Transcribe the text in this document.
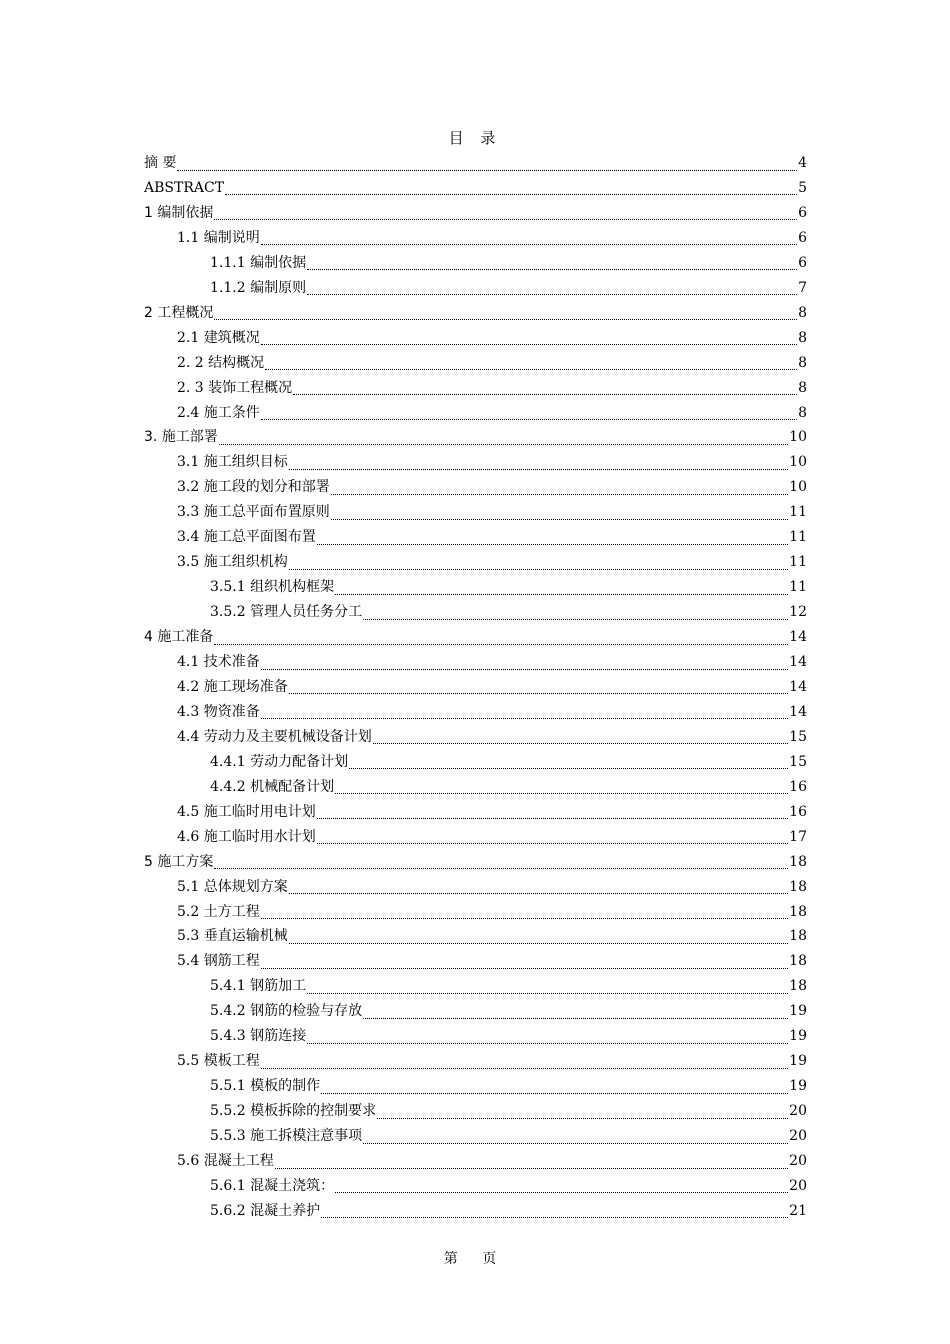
目 录
摘 要	4
ABSTRACT	5
1 编制依据	6
1.1 编制说明	6
1.1.1 编制依据	6
1.1.2 编制原则	7
2 工程概况	8
2.1 建筑概况	8
2. 2 结构概况	8
2. 3 装饰工程概况	8
2.4 施工条件	8
3. 施工部署	10
3.1 施工组织目标	10
3.2 施工段的划分和部署	10
3.3 施工总平面布置原则	11
3.4 施工总平面图布置	11
3.5 施工组织机构	11
3.5.1 组织机构框架	11
3.5.2 管理人员任务分工	12
4 施工准备	14
4.1 技术准备	14
4.2 施工现场准备	14
4.3 物资准备	14
4.4 劳动力及主要机械设备计划	15
4.4.1 劳动力配备计划	15
4.4.2 机械配备计划	16
4.5 施工临时用电计划	16
4.6 施工临时用水计划	17
5 施工方案	18
5.1 总体规划方案	18
5.2 土方工程	18
5.3 垂直运输机械	18
5.4 钢筋工程	18
5.4.1 钢筋加工	18
5.4.2 钢筋的检验与存放	19
5.4.3 钢筋连接	19
5.5 模板工程	19
5.5.1 模板的制作	19
5.5.2 模板拆除的控制要求	20
5.5.3 施工拆模注意事项	20
5.6 混凝土工程	20
5.6.1 混凝土浇筑：	20
5.6.2 混凝土养护	21
第 页
